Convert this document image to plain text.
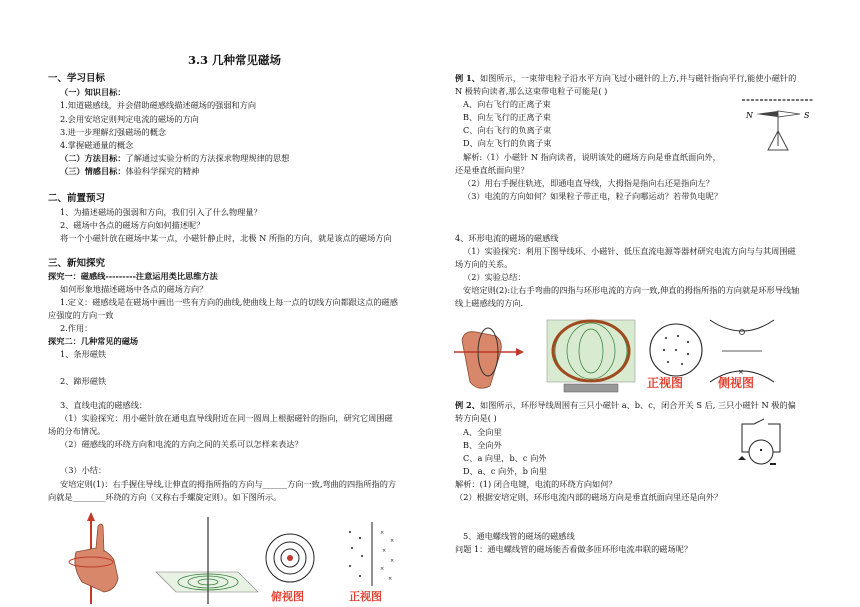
3.3 几种常见磁场
一、学习目标
（一）知识目标：
1.知道磁感线，并会借助磁感线描述磁场的强弱和方向
2.会用安培定则判定电流的磁场的方向
3.进一步理解幻强磁场的概念
4.掌握磁通量的概念
（二）方法目标：了解通过实验分析的方法探求物理规律的思想
（三）情感目标：体验科学探究的精神
二、前置预习
1、为描述磁场的强弱和方向，我们引入了什么物理量？
2、磁场中各点的磁场方向如何描述呢？
将一个小磁针放在磁场中某一点，小磁针静止时，北极 N 所指的方向，就是该点的磁场方向
三、新知探究
探究一：磁感线---------注意运用类比思维方法
如何形象地描述磁场中各点的磁场方向？
1.定义：磁感线是在磁场中画出一些有方向的曲线,使曲线上每一点的切线方向都跟这点的磁感
应强度的方向一致
2.作用：
探究二：几种常见的磁场
1、条形磁铁
2、蹄形磁铁
3、直线电流的磁感线：
（1）实验探究：用小磁针放在通电直导线附近在同一圆周上根据磁针的指向，研究它周围磁
场的分布情况。
（2）磁感线的环绕方向和电流的方向之间的关系可以怎样来表达？
（3）小结：
安培定则(1)：右手握住导线,让伸直的拇指所指的方向与______方向一致,弯曲的四指所指的方
向就是________环绕的方向（又称右手螺旋定则）。如下图所示。
俯视图
×
×
×
×
×
×
正视图
例 1、如图所示，一束带电粒子沿水平方向飞过小磁针的上方,并与磁针指向平行,能使小磁针的
N 极转向读者,那么这束带电粒子可能是( )
A、向右飞行的正离子束
B、向左飞行的正离子束
C、向右飞行的负离子束
D、向左飞行的负离子束
解析:（1）小磁针 N 指向读者，说明该处的磁场方向是垂直纸面向外，
还是垂直纸面向里？
（2）用右手握住轨迹，即通电直导线，大拇指是指向右还是指向左？
（3）电流的方向如何？如果粒子带正电，粒子向哪运动？若带负电呢？
N	S
4、环形电流的磁场的磁感线
（1）实验探究：利用下图导线环、小磁针、低压直流电源等器材研究电流方向与与其周围磁
场方向的关系。
（2）实验总结：
安培定则(2):让右手弯曲的四指与环形电流的方向一致,伸直的拇指所指的方向就是环形导线轴
线上磁感线的方向.
×
正视图	侧视图
例 2、如图所示，环形导线周围有三只小磁针 a、b、c，闭合开关 S 后, 三只小磁针 N 极的偏
转方向是( )
A、全向里
B、全向外
C、a 向里，b、c 向外
D、a、c 向外，b 向里
解析：(1) 闭合电键，电流的环绕方向如何？
（2）根据安培定则，环形电流内部的磁场方向是垂直纸面向里还是向外？
5、通电螺线管的磁场的磁感线
问题 1：通电螺线管的磁场能否看做多匝环形电流串联的磁场呢？
